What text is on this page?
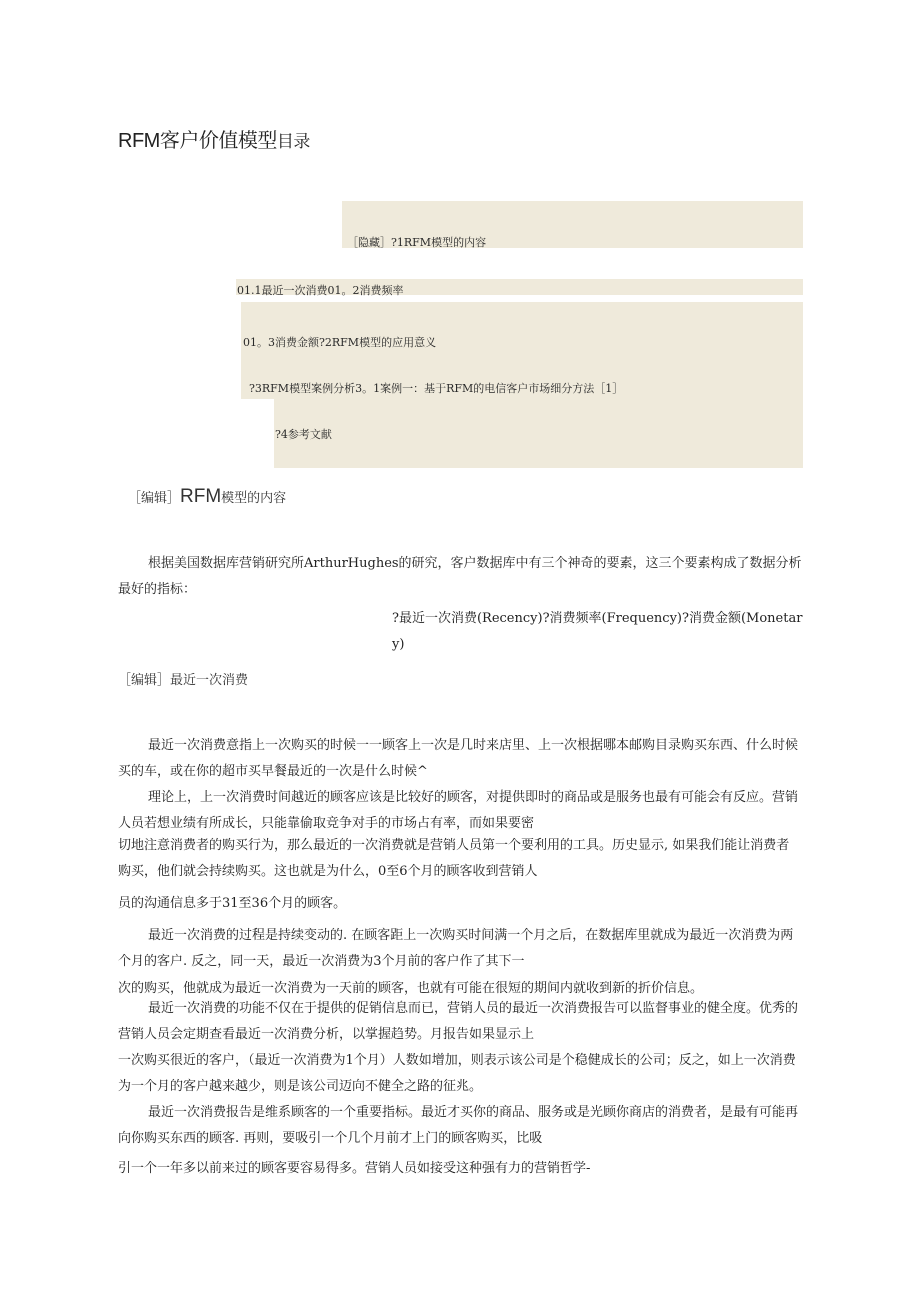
RFM客户价值模型目录
［隐藏］?1RFM模型的内容
01.1最近一次消费01。2消费频率
01。3消费金额?2RFM模型的应用意义
?3RFM模型案例分析3。1案例一：基于RFM的电信客户市场细分方法［1］
?4参考文献
［编辑］RFM模型的内容
根据美国数据库营销研究所ArthurHughes的研究，客户数据库中有三个神奇的要素，这三个要素构成了数据分析最好的指标：
?最近一次消费(Recency)?消费频率(Frequency)?消费金额(Monetar
y)
［编辑］最近一次消费
最近一次消费意指上一次购买的时候一一顾客上一次是几时来店里、上一次根据哪本邮购目录购买东西、什么时候买的车，或在你的超市买早餐最近的一次是什么时候^
理论上，上一次消费时间越近的顾客应该是比较好的顾客，对提供即时的商品或是服务也最有可能会有反应。营销人员若想业绩有所成长，只能靠偷取竞争对手的市场占有率，而如果要密
切地注意消费者的购买行为，那么最近的一次消费就是营销人员第一个要利用的工具。历史显示, 如果我们能让消费者购买，他们就会持续购买。这也就是为什么，0至6个月的顾客收到营销人
员的沟通信息多于31至36个月的顾客。
最近一次消费的过程是持续变动的. 在顾客距上一次购买时间满一个月之后，在数据库里就成为最近一次消费为两个月的客户. 反之，同一天，最近一次消费为3个月前的客户作了其下一
次的购买，他就成为最近一次消费为一天前的顾客，也就有可能在很短的期间内就收到新的折价信息。
最近一次消费的功能不仅在于提供的促销信息而已，营销人员的最近一次消费报告可以监督事业的健全度。优秀的营销人员会定期查看最近一次消费分析，以掌握趋势。月报告如果显示上
一次购买很近的客户，（最近一次消费为1个月）人数如增加，则表示该公司是个稳健成长的公司；反之，如上一次消费为一个月的客户越来越少，则是该公司迈向不健全之路的征兆。
最近一次消费报告是维系顾客的一个重要指标。最近才买你的商品、服务或是光顾你商店的消费者，是最有可能再向你购买东西的顾客. 再则，要吸引一个几个月前才上门的顾客购买，比吸
引一个一年多以前来过的顾客要容易得多。营销人员如接受这种强有力的营销哲学-
